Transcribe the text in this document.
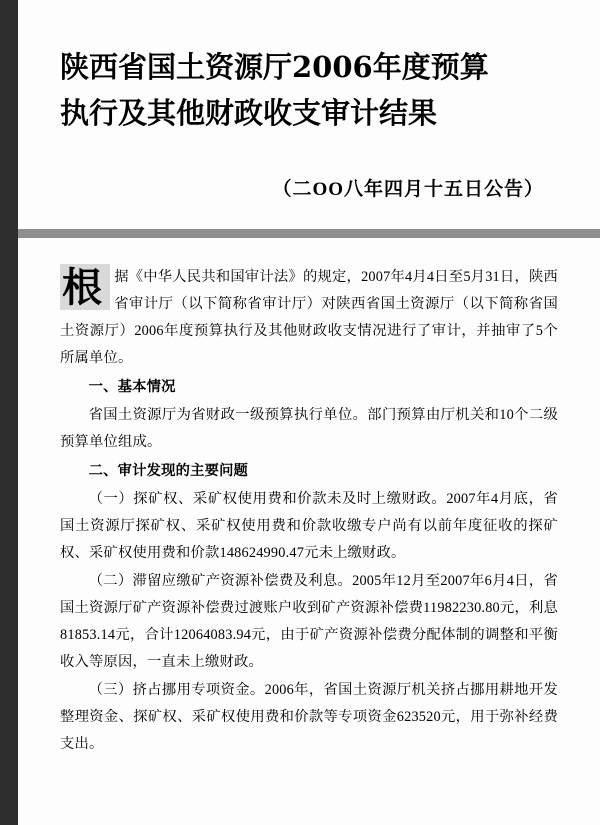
陕西省国土资源厅2006年度预算
执行及其他财政收支审计结果
（二OO八年四月十五日公告）

根 据《中华人民共和国审计法》的规定，2007年4月4日至5月31日，陕西省审计厅（以下简称省审计厅）对陕西省国土资源厅（以下简称省国土资源厅）2006年度预算执行及其他财政收支情况进行了审计，并抽审了5个所属单位。

一、基本情况

省国土资源厅为省财政一级预算执行单位。部门预算由厅机关和10个二级预算单位组成。

二、审计发现的主要问题

（一）探矿权、采矿权使用费和价款未及时上缴财政。2007年4月底，省国土资源厅探矿权、采矿权使用费和价款收缴专户尚有以前年度征收的探矿权、采矿权使用费和价款148624990.47元未上缴财政。

（二）滞留应缴矿产资源补偿费及利息。2005年12月至2007年6月4日，省国土资源厅矿产资源补偿费过渡账户收到矿产资源补偿费11982230.80元，利息81853.14元，合计12064083.94元，由于矿产资源补偿费分配体制的调整和平衡收入等原因，一直未上缴财政。

（三）挤占挪用专项资金。2006年，省国土资源厅机关挤占挪用耕地开发整理资金、探矿权、采矿权使用费和价款等专项资金623520元，用于弥补经费支出。
